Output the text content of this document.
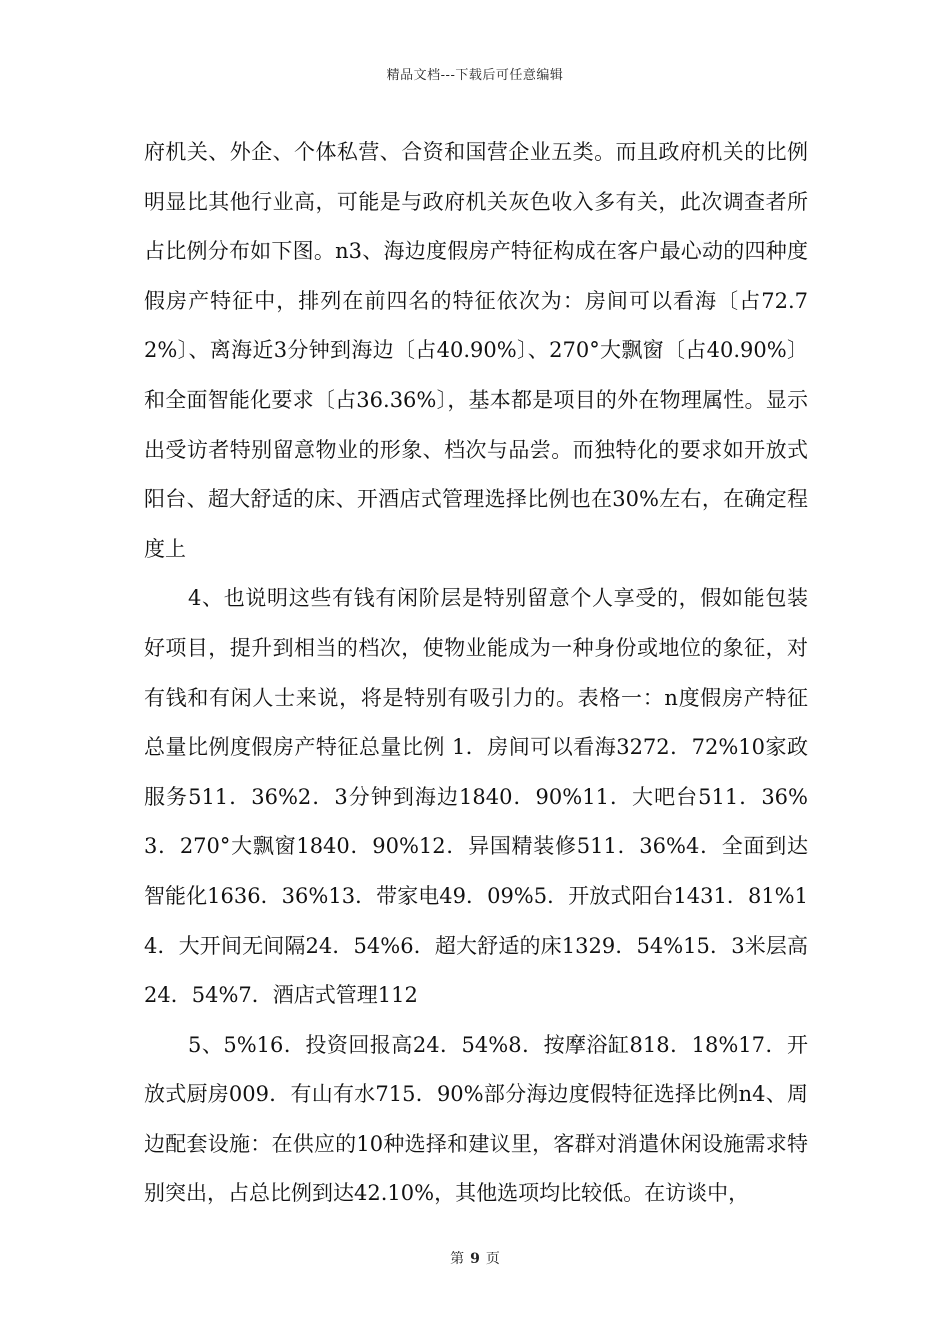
精品文档---下载后可任意编辑

府机关、外企、个体私营、合资和国营企业五类。而且政府机关的比例明显比其他行业高，可能是与政府机关灰色收入多有关，此次调查者所占比例分布如下图。n3、海边度假房产特征构成在客户最心动的四种度假房产特征中，排列在前四名的特征依次为：房间可以看海〔占72.72%〕、离海近3分钟到海边〔占40.90%〕、270°大飘窗〔占40.90%〕和全面智能化要求〔占36.36%〕，基本都是项目的外在物理属性。显示出受访者特别留意物业的形象、档次与品尝。而独特化的要求如开放式阳台、超大舒适的床、开酒店式管理选择比例也在30%左右，在确定程度上

4、也说明这些有钱有闲阶层是特别留意个人享受的，假如能包装好项目，提升到相当的档次，使物业能成为一种身份或地位的象征，对有钱和有闲人士来说，将是特别有吸引力的。表格一：n度假房产特征总量比例度假房产特征总量比例 1．房间可以看海3272．72%10家政服务511．36%2．3分钟到海边1840．90%11．大吧台511．36%3．270°大飘窗1840．90%12．异国精装修511．36%4．全面到达智能化1636．36%13．带家电49．09%5．开放式阳台1431．81%14．大开间无间隔24．54%6．超大舒适的床1329．54%15．3米层高24．54%7．酒店式管理112

5、5%16．投资回报高24．54%8．按摩浴缸818．18%17．开放式厨房009．有山有水715．90%部分海边度假特征选择比例n4、周边配套设施：在供应的10种选择和建议里，客群对消遣休闲设施需求特别突出，占总比例到达42.10%，其他选项均比较低。在访谈中，

第 9 页
